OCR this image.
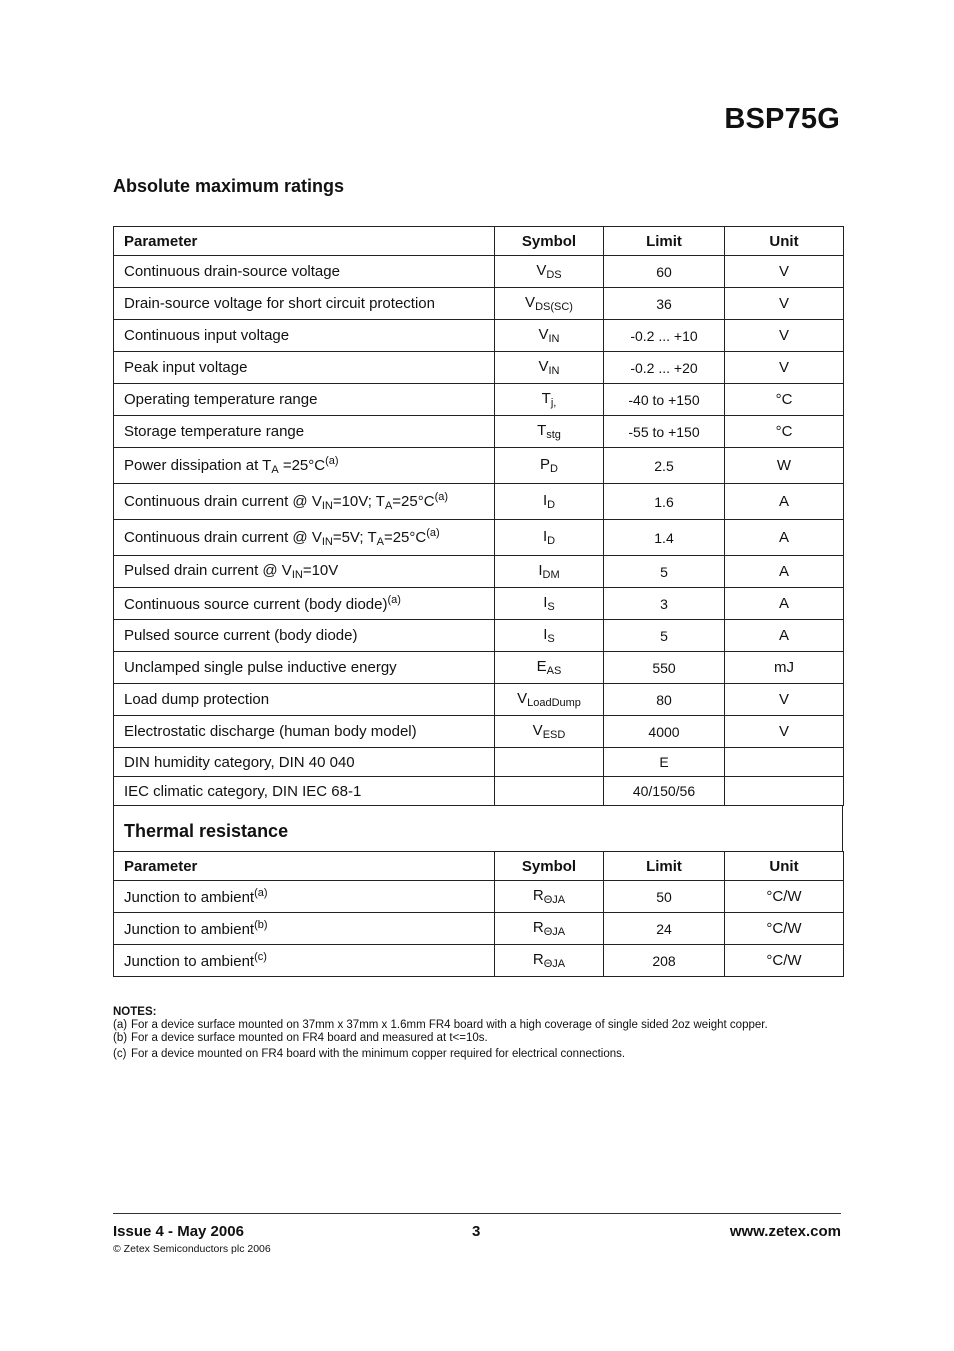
BSP75G
Absolute maximum ratings
Parameter	Symbol	Limit	Unit
Continuous drain-source voltage	$V_{DS}$	60	V
Drain-source voltage for short circuit protection	$V_{DS(SC)}$	36	V
Continuous input voltage	$V_{IN}$	-0.2 ... +10	V
Peak input voltage	$V_{IN}$	-0.2 ... +20	V
Operating temperature range	$T_{j,}$	-40 to +150	°C
Storage temperature range	$T_{stg}$	-55 to +150	°C
Power dissipation at $T_A =25^\circ C^{(a)}$	$P_D$	2.5	W
Continuous drain current @ $V_{IN}=10V$; $T_A=25^\circ C^{(a)}$	$I_D$	1.6	A
Continuous drain current @ $V_{IN}=5V$; $T_A=25^\circ C^{(a)}$	$I_D$	1.4	A
Pulsed drain current @ $V_{IN}=10V$	$I_{DM}$	5	A
Continuous source current (body diode)$^{(a)}$	$I_S$	3	A
Pulsed source current (body diode)	$I_S$	5	A
Unclamped single pulse inductive energy	$E_{AS}$	550	mJ
Load dump protection	$V_{LoadDump}$	80	V
Electrostatic discharge (human body model)	$V_{ESD}$	4000	V
DIN humidity category, DIN 40 040		E	
IEC climatic category, DIN IEC 68-1		40/150/56	
Thermal resistance
Parameter	Symbol	Limit	Unit
Junction to ambient$^{(a)}$	$R_{\Theta JA}$	50	°C/W
Junction to ambient$^{(b)}$	$R_{\Theta JA}$	24	°C/W
Junction to ambient$^{(c)}$	$R_{\Theta JA}$	208	°C/W
NOTES:
(a) For a device surface mounted on 37mm x 37mm x 1.6mm FR4 board with a high coverage of single sided 2oz weight copper.
(b) For a device surface mounted on FR4 board and measured at t<=10s.
(c) For a device mounted on FR4 board with the minimum copper required for electrical connections.
Issue 4 - May 2006
© Zetex Semiconductors plc 2006
3	www.zetex.com
